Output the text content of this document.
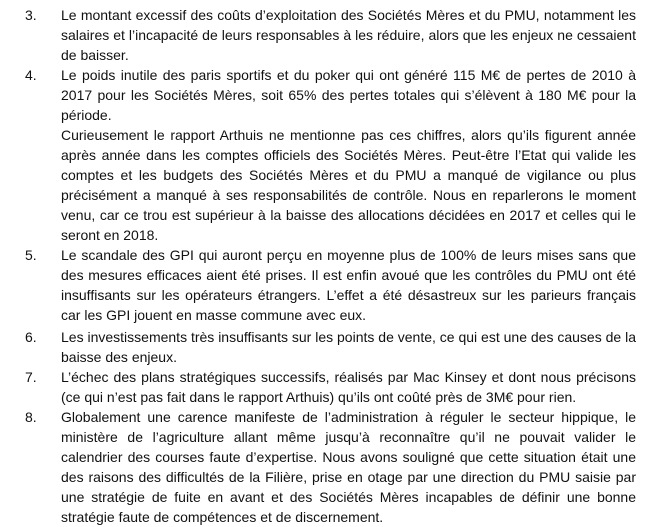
3.	Le montant excessif des coûts d’exploitation des Sociétés Mères et du PMU, notamment les salaires et l’incapacité de leurs responsables à les réduire, alors que les enjeux ne cessaient de baisser.

4.	Le poids inutile des paris sportifs et du poker qui ont généré 115 M€ de pertes de 2010 à 2017 pour les Sociétés Mères, soit 65% des pertes totales qui s’élèvent à 180 M€ pour la période.

Curieusement le rapport Arthuis ne mentionne pas ces chiffres, alors qu’ils figurent année après année dans les comptes officiels des Sociétés Mères. Peut-être l’Etat qui valide les comptes et les budgets des Sociétés Mères et du PMU a manqué de vigilance ou plus précisément a manqué à ses responsabilités de contrôle. Nous en reparlerons le moment venu, car ce trou est supérieur à la baisse des allocations décidées en 2017 et celles qui le seront en 2018.

5.	Le scandale des GPI qui auront perçu en moyenne plus de 100% de leurs mises sans que des mesures efficaces aient été prises. Il est enfin avoué que les contrôles du PMU ont été insuffisants sur les opérateurs étrangers. L’effet a été désastreux sur les parieurs français car les GPI jouent en masse commune avec eux.

6.	Les investissements très insuffisants sur les points de vente, ce qui est une des causes de la baisse des enjeux.

7.	L’échec des plans stratégiques successifs, réalisés par Mac Kinsey et dont nous précisons (ce qui n’est pas fait dans le rapport Arthuis) qu’ils ont coûté près de 3M€ pour rien.

8.	Globalement une carence manifeste de l’administration à réguler le secteur hippique, le ministère de l’agriculture allant même jusqu’à reconnaître qu’il ne pouvait valider le calendrier des courses faute d’expertise. Nous avons souligné que cette situation était une des raisons des difficultés de la Filière, prise en otage par une direction du PMU saisie par une stratégie de fuite en avant et des Sociétés Mères incapables de définir une bonne stratégie faute de compétences et de discernement.
